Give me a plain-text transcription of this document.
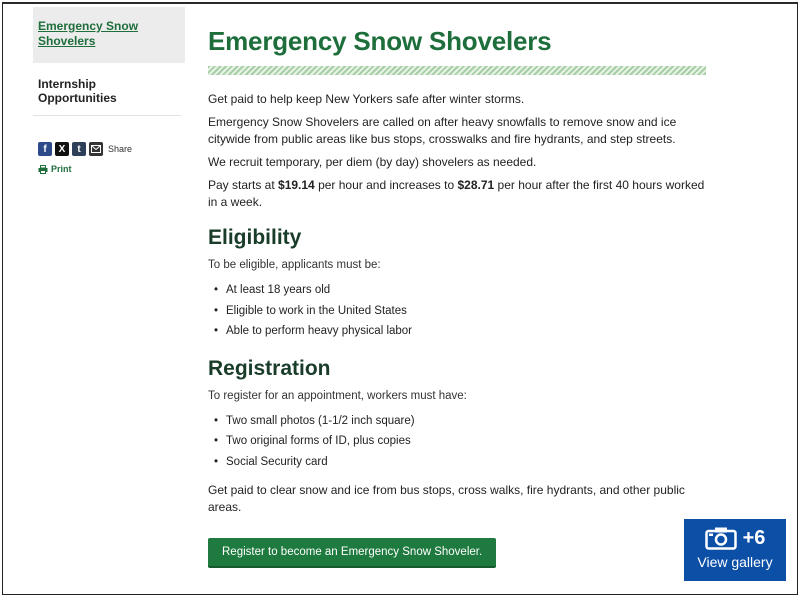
Emergency Snow Shovelers
Internship Opportunities
f	X	t	Share
Print
Emergency Snow Shovelers

Get paid to help keep New Yorkers safe after winter storms.

Emergency Snow Shovelers are called on after heavy snowfalls to remove snow and ice citywide from public areas like bus stops, crosswalks and fire hydrants, and step streets.

We recruit temporary, per diem (by day) shovelers as needed.

Pay starts at $19.14 per hour and increases to $28.71 per hour after the first 40 hours worked in a week.

Eligibility

To be eligible, applicants must be:

• At least 18 years old
• Eligible to work in the United States
• Able to perform heavy physical labor
Registration

To register for an appointment, workers must have:

• Two small photos (1-1/2 inch square)
• Two original forms of ID, plus copies
• Social Security card

Get paid to clear snow and ice from bus stops, cross walks, fire hydrants, and other public areas.

Register to become an Emergency Snow Shoveler.
+6
View gallery
